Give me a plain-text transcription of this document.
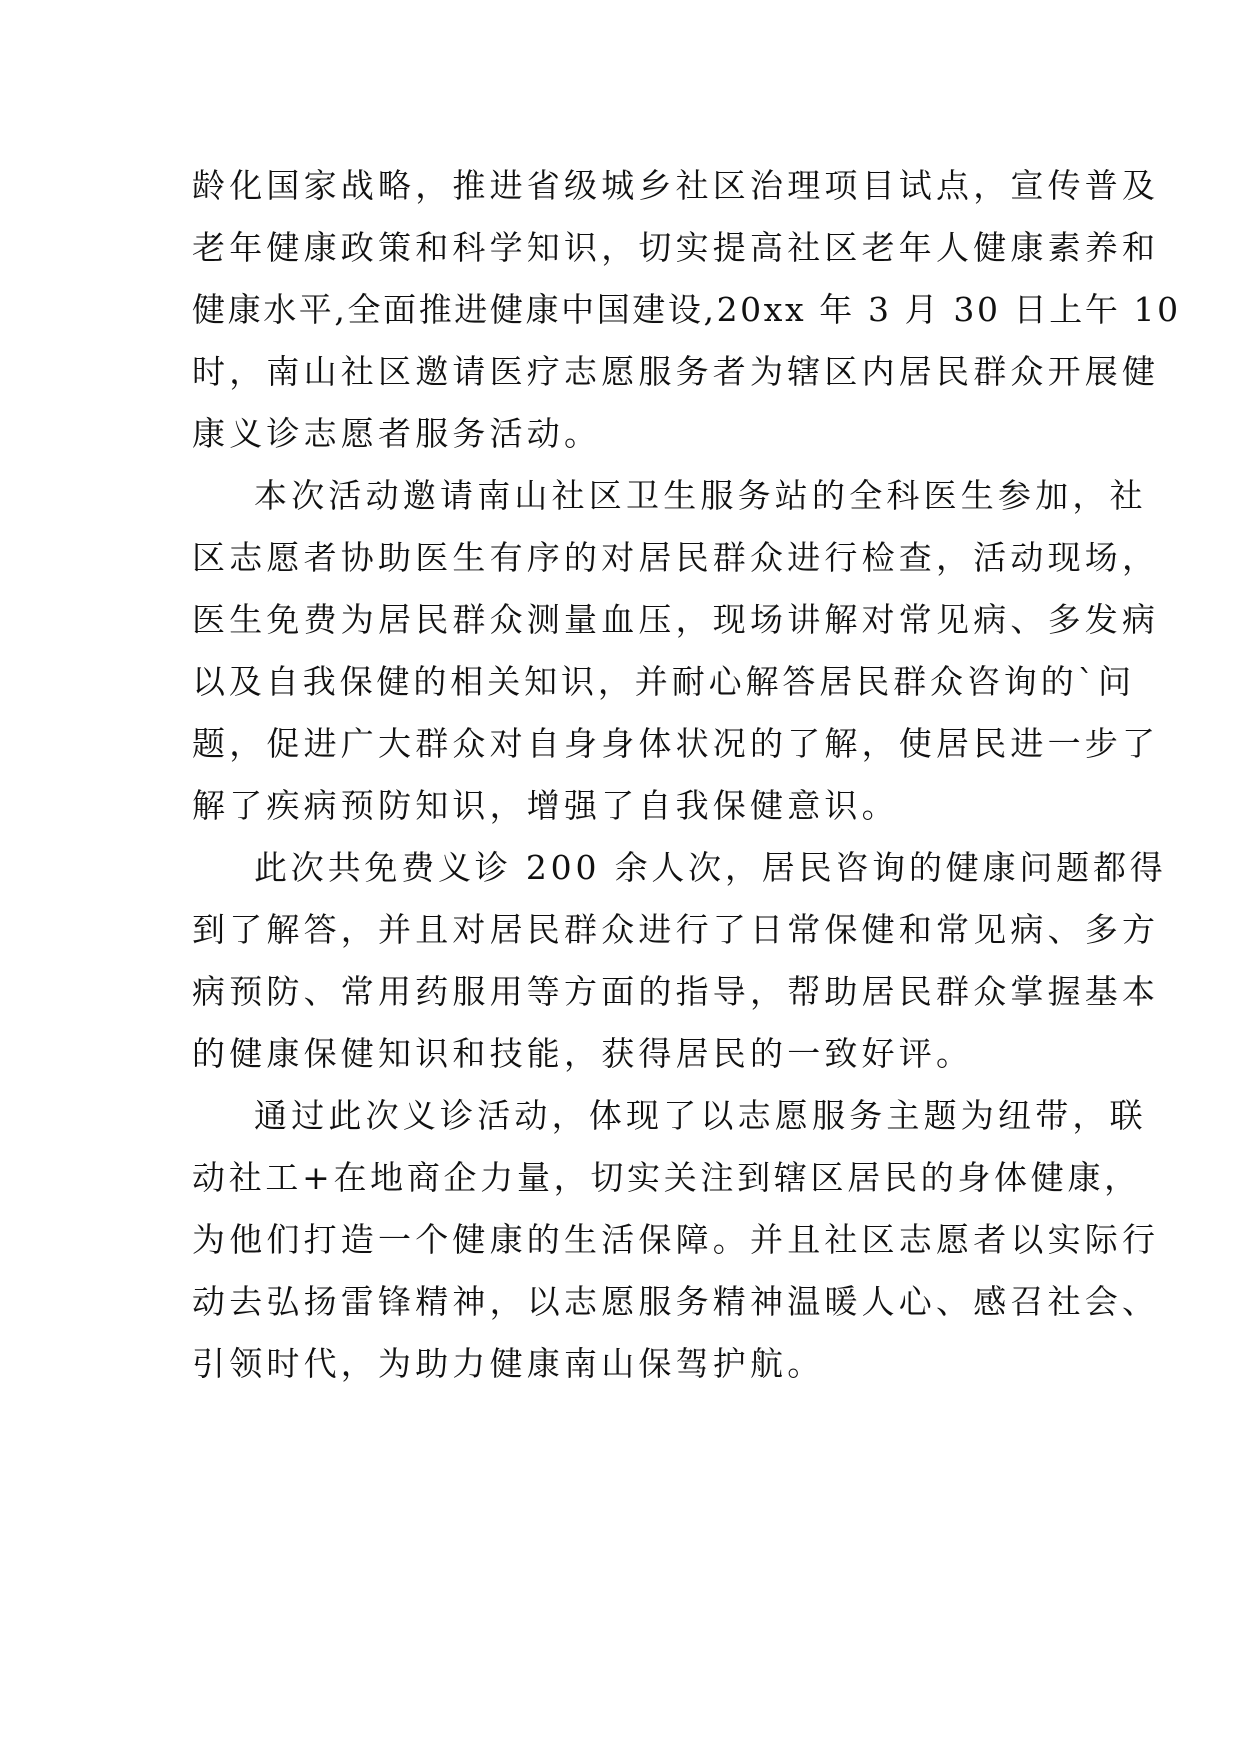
龄化国家战略，推进省级城乡社区治理项目试点，宣传普及
老年健康政策和科学知识，切实提高社区老年人健康素养和
健康水平,全面推进健康中国建设,20xx 年 3 月 30 日上午 10
时，南山社区邀请医疗志愿服务者为辖区内居民群众开展健
康义诊志愿者服务活动。
本次活动邀请南山社区卫生服务站的全科医生参加，社
区志愿者协助医生有序的对居民群众进行检查，活动现场，
医生免费为居民群众测量血压，现场讲解对常见病、多发病
以及自我保健的相关知识，并耐心解答居民群众咨询的`问
题，促进广大群众对自身身体状况的了解，使居民进一步了
解了疾病预防知识，增强了自我保健意识。
此次共免费义诊 200 余人次，居民咨询的健康问题都得
到了解答，并且对居民群众进行了日常保健和常见病、多方
病预防、常用药服用等方面的指导，帮助居民群众掌握基本
的健康保健知识和技能，获得居民的一致好评。
通过此次义诊活动，体现了以志愿服务主题为纽带，联
动社工+在地商企力量，切实关注到辖区居民的身体健康，
为他们打造一个健康的生活保障。并且社区志愿者以实际行
动去弘扬雷锋精神，以志愿服务精神温暖人心、感召社会、
引领时代，为助力健康南山保驾护航。
